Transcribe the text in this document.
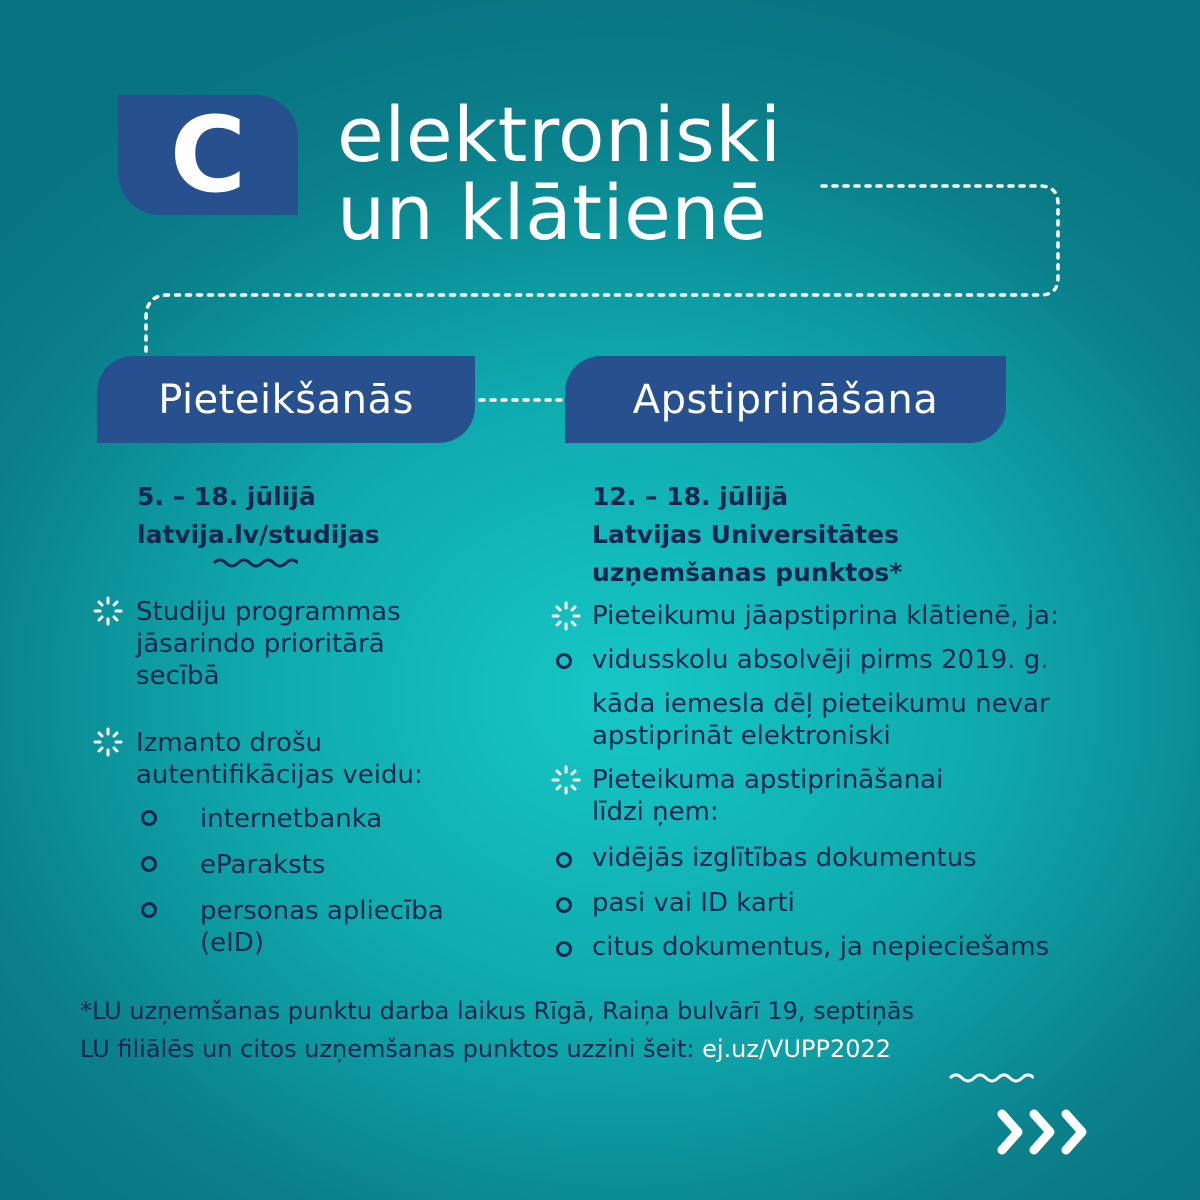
C	elektroniski
un klātienē
Pieteikšanās	Apstiprināšana
5. – 18. jūlijā
latvija.lv/studijas
Studiju programmas
jāsarindo prioritārā
secībā
Izmanto drošu
autentifikācijas veidu:
internetbanka
eParaksts
personas apliecība
(eID)
12. – 18. jūlijā
Latvijas Universitātes
uzņemšanas punktos*
Pieteikumu jāapstiprina klātienē, ja:
vidusskolu absolvēji pirms 2019. g.
kāda iemesla dēļ pieteikumu nevar
apstiprināt elektroniski
Pieteikuma apstiprināšanai
līdzi ņem:
vidējās izglītības dokumentus
pasi vai ID karti
citus dokumentus, ja nepieciešams
*LU uzņemšanas punktu darba laikus Rīgā, Raiņa bulvārī 19, septiņās
LU filiālēs un citos uzņemšanas punktos uzzini šeit: ej.uz/VUPP2022
